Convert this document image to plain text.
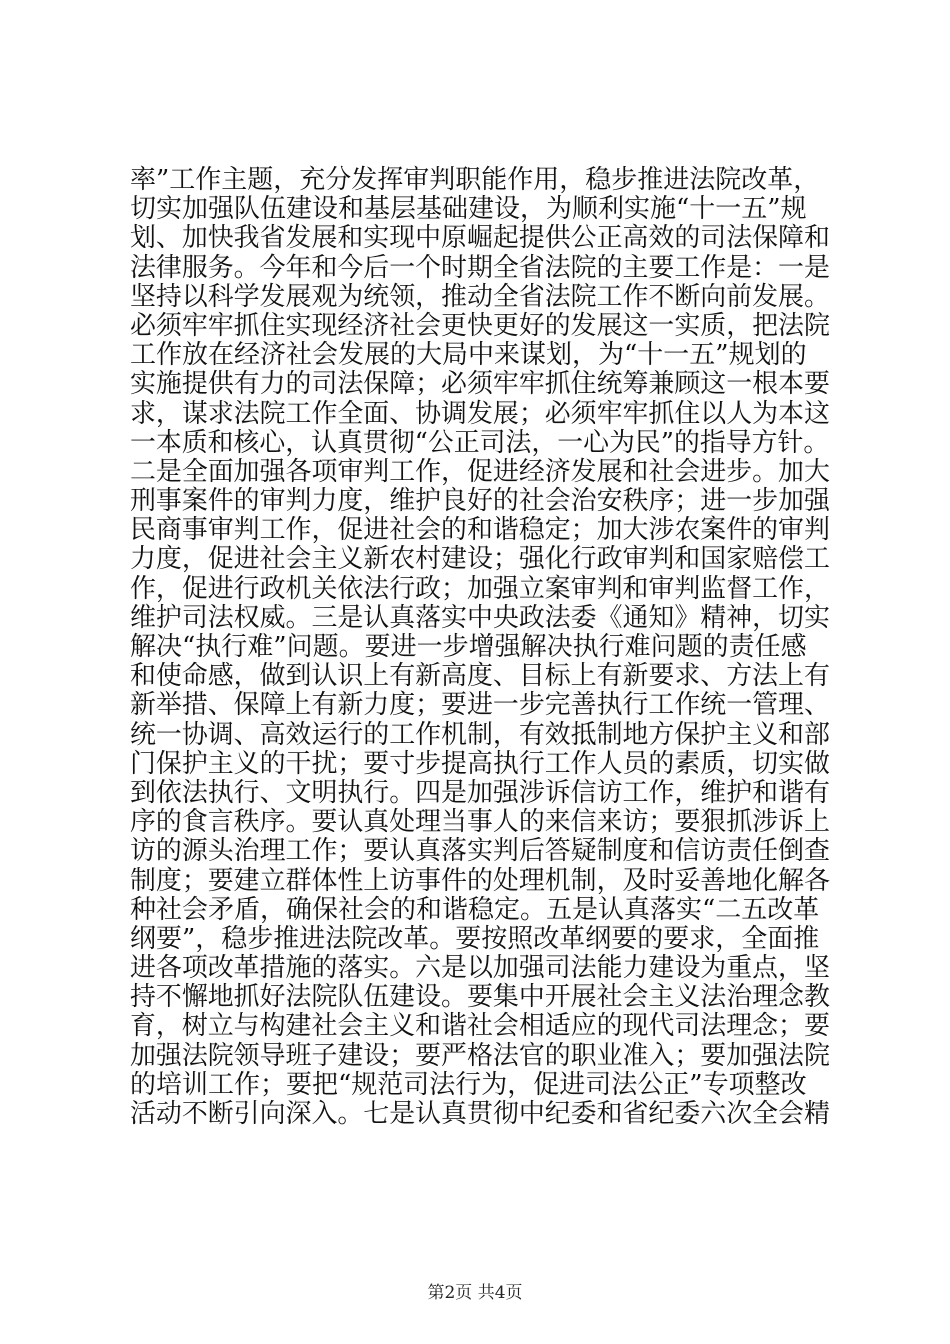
率”工作主题，充分发挥审判职能作用，稳步推进法院改革，
切实加强队伍建设和基层基础建设，为顺利实施“十一五”规
划、加快我省发展和实现中原崛起提供公正高效的司法保障和
法律服务。今年和今后一个时期全省法院的主要工作是：一是
坚持以科学发展观为统领，推动全省法院工作不断向前发展。
必须牢牢抓住实现经济社会更快更好的发展这一实质，把法院
工作放在经济社会发展的大局中来谋划，为“十一五”规划的
实施提供有力的司法保障；必须牢牢抓住统筹兼顾这一根本要
求，谋求法院工作全面、协调发展；必须牢牢抓住以人为本这
一本质和核心，认真贯彻“公正司法，一心为民”的指导方针。
二是全面加强各项审判工作，促进经济发展和社会进步。加大
刑事案件的审判力度，维护良好的社会治安秩序；进一步加强
民商事审判工作，促进社会的和谐稳定；加大涉农案件的审判
力度，促进社会主义新农村建设；强化行政审判和国家赔偿工
作，促进行政机关依法行政；加强立案审判和审判监督工作，
维护司法权威。三是认真落实中央政法委《通知》精神，切实
解决“执行难”问题。要进一步增强解决执行难问题的责任感
和使命感，做到认识上有新高度、目标上有新要求、方法上有
新举措、保障上有新力度；要进一步完善执行工作统一管理、
统一协调、高效运行的工作机制，有效抵制地方保护主义和部
门保护主义的干扰；要寸步提高执行工作人员的素质，切实做
到依法执行、文明执行。四是加强涉诉信访工作，维护和谐有
序的食言秩序。要认真处理当事人的来信来访；要狠抓涉诉上
访的源头治理工作；要认真落实判后答疑制度和信访责任倒查
制度；要建立群体性上访事件的处理机制，及时妥善地化解各
种社会矛盾，确保社会的和谐稳定。五是认真落实“二五改革
纲要”，稳步推进法院改革。要按照改革纲要的要求，全面推
进各项改革措施的落实。六是以加强司法能力建设为重点，坚
持不懈地抓好法院队伍建设。要集中开展社会主义法治理念教
育，树立与构建社会主义和谐社会相适应的现代司法理念；要
加强法院领导班子建设；要严格法官的职业准入；要加强法院
的培训工作；要把“规范司法行为，促进司法公正”专项整改
活动不断引向深入。七是认真贯彻中纪委和省纪委六次全会精
第2页 共4页
